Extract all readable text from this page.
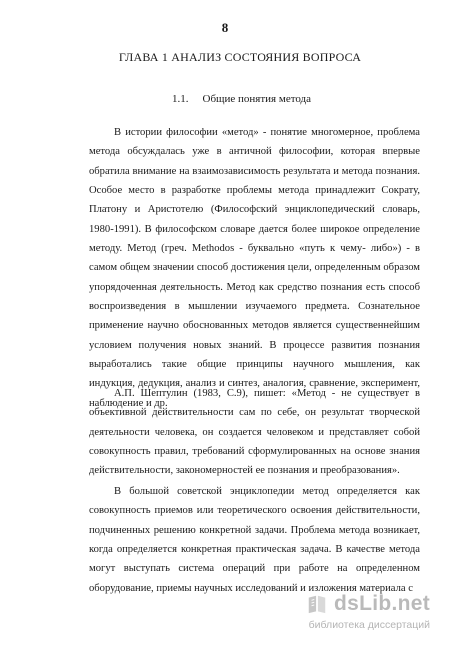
8
ГЛАВА 1 АНАЛИЗ СОСТОЯНИЯ ВОПРОСА
1.1. Общие понятия метода

В истории философии «метод» - понятие многомерное, проблема метода обсуждалась уже в античной философии, которая впервые обратила внимание на взаимозависимость результата и метода познания. Особое место в разработке проблемы метода принадлежит Сократу, Платону и Аристотелю (Философский энциклопедический словарь, 1980-1991). В философском словаре дается более широкое определение методу. Метод (греч. Methodos - буквально «путь к чему- либо») - в самом общем значении способ достижения цели, определенным образом упорядоченная деятельность. Метод как средство познания есть способ воспроизведения в мышлении изучаемого предмета. Сознательное применение научно обоснованных методов является существеннейшим условием получения новых знаний. В процессе развития познания выработались такие общие принципы научного мышления, как индукция, дедукция, анализ и синтез, аналогия, сравнение, эксперимент, наблюдение и др.

А.П. Шептулин (1983, С.9), пишет: «Метод - не существует в объективной действительности сам по себе, он результат творческой деятельности человека, он создается человеком и представляет собой совокупность правил, требований сформулированных на основе знания действительности, закономерностей ее познания и преобразования».

В большой советской энциклопедии метод определяется как совокупность приемов или теоретического освоения действительности, подчиненных решению конкретной задачи. Проблема метода возникает, когда определяется конкретная практическая задача. В качестве метода могут выступать система операций при работе на определенном оборудование, приемы научных исследований и изложения материала с

dsLib.net
библиотека диссертаций
